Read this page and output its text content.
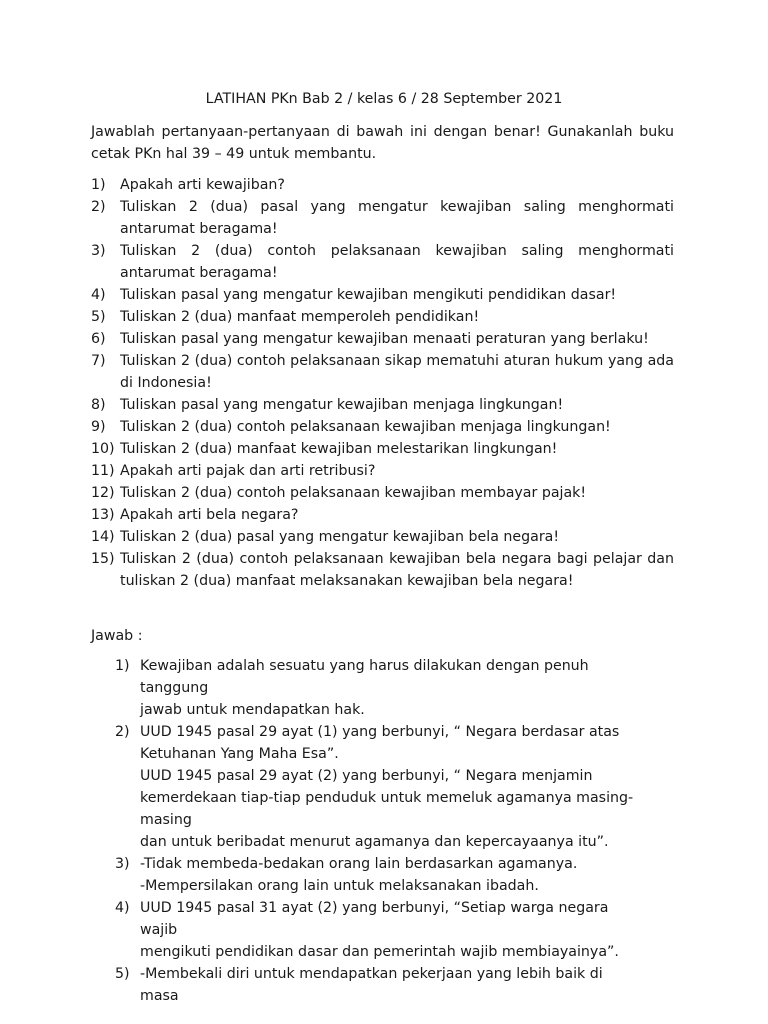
LATIHAN PKn Bab 2 / kelas 6 / 28 September 2021

Jawablah pertanyaan-pertanyaan di bawah ini dengan benar! Gunakanlah buku cetak PKn hal 39 – 49 untuk membantu.

1) Apakah arti kewajiban?
2) Tuliskan 2 (dua) pasal yang mengatur kewajiban saling menghormati antarumat beragama!
3) Tuliskan 2 (dua) contoh pelaksanaan kewajiban saling menghormati antarumat beragama!
4) Tuliskan pasal yang mengatur kewajiban mengikuti pendidikan dasar!
5) Tuliskan 2 (dua) manfaat memperoleh pendidikan!
6) Tuliskan pasal yang mengatur kewajiban menaati peraturan yang berlaku!
7) Tuliskan 2 (dua) contoh pelaksanaan sikap mematuhi aturan hukum yang ada di Indonesia!
8) Tuliskan pasal yang mengatur kewajiban menjaga lingkungan!
9) Tuliskan 2 (dua) contoh pelaksanaan kewajiban menjaga lingkungan!
10) Tuliskan 2 (dua) manfaat kewajiban melestarikan lingkungan!
11) Apakah arti pajak dan arti retribusi?
12) Tuliskan 2 (dua) contoh pelaksanaan kewajiban membayar pajak!
13) Apakah arti bela negara?
14) Tuliskan 2 (dua) pasal yang mengatur kewajiban bela negara!
15) Tuliskan 2 (dua) contoh pelaksanaan kewajiban bela negara bagi pelajar dan tuliskan 2 (dua) manfaat melaksanakan kewajiban bela negara!

Jawab :

1) Kewajiban adalah sesuatu yang harus dilakukan dengan penuh tanggung
jawab untuk mendapatkan hak.
2) UUD 1945 pasal 29 ayat (1) yang berbunyi, “ Negara berdasar atas
Ketuhanan Yang Maha Esa”.
UUD 1945 pasal 29 ayat (2) yang berbunyi, “ Negara menjamin
kemerdekaan tiap-tiap penduduk untuk memeluk agamanya masing-masing
dan untuk beribadat menurut agamanya dan kepercayaanya itu”.
3) -Tidak membeda-bedakan orang lain berdasarkan agamanya.
-Mempersilakan orang lain untuk melaksanakan ibadah.
4) UUD 1945 pasal 31 ayat (2) yang berbunyi, “Setiap warga negara wajib
mengikuti pendidikan dasar dan pemerintah wajib membiayainya”.
5) -Membekali diri untuk mendapatkan pekerjaan yang lebih baik di masa
